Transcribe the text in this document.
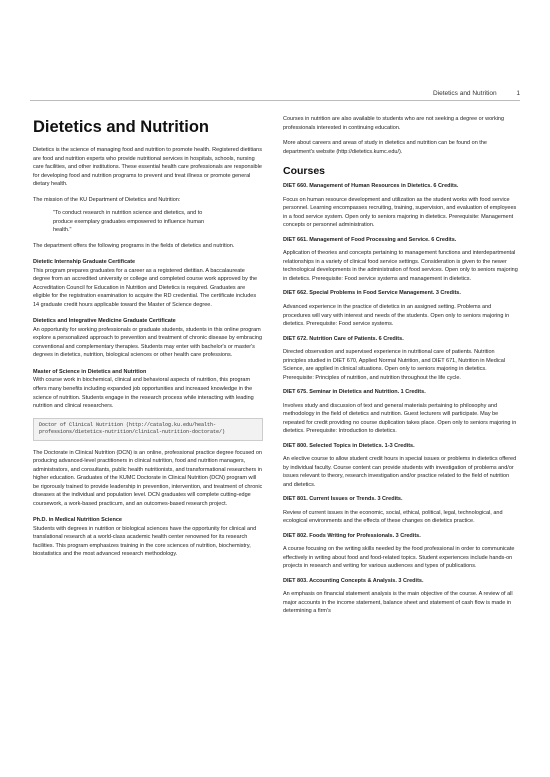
Dietetics and Nutrition	1
Dietetics and Nutrition

Dietetics is the science of managing food and nutrition to promote health. Registered dietitians are food and nutrition experts who provide nutritional services in hospitals, schools, nursing care facilities, and other institutions. These essential health care professionals are responsible for developing food and nutrition programs to prevent and treat illness or promote general dietary health.

The mission of the KU Department of Dietetics and Nutrition:

"To conduct research in nutrition science and dietetics, and to produce exemplary graduates empowered to influence human health."

The department offers the following programs in the fields of dietetics and nutrition.

Dietetic Internship Graduate Certificate

This program prepares graduates for a career as a registered dietitian. A baccalaureate degree from an accredited university or college and completed course work approved by the Accreditation Council for Education in Nutrition and Dietetics is required. Graduates are eligible for the registration examination to acquire the RD credential. The certificate includes 14 graduate credit hours applicable toward the Master of Science degree.

Dietetics and Integrative Medicine Graduate Certificate

An opportunity for working professionals or graduate students, students in this online program explore a personalized approach to prevention and treatment of chronic disease by embracing conventional and complementary therapies. Students may enter with bachelor's or master's degrees in dietetics, nutrition, biological sciences or other health care professions.

Master of Science in Dietetics and Nutrition

With course work in biochemical, clinical and behavioral aspects of nutrition, this program offers many benefits including expanded job opportunities and increased knowledge in the science of nutrition. Students engage in the research process while interacting with leading nutrition and clinical researchers.

Doctor of Clinical Nutrition (http://catalog.ku.edu/health-professions/dietetics-nutrition/clinical-nutrition-doctorate/)

The Doctorate in Clinical Nutrition (DCN) is an online, professional practice degree focused on producing advanced-level practitioners in clinical nutrition, food and nutrition managers, administrators, and consultants, public health nutritionists, and transformational researchers in higher education. Graduates of the KUMC Doctorate in Clinical Nutrition (DCN) program will be rigorously trained to provide leadership in prevention, intervention, and treatment of chronic diseases at the individual and population level. DCN graduates will complete cutting-edge coursework, a work-based practicum, and an outcomes-based research project.

Ph.D. in Medical Nutrition Science

Students with degrees in nutrition or biological sciences have the opportunity for clinical and translational research at a world-class academic health center renowned for its research facilities. This program emphasizes training in the core sciences of nutrition, biochemistry, biostatistics and the most advanced research methodology.

Courses in nutrition are also available to students who are not seeking a degree or working professionals interested in continuing education.

More about careers and areas of study in dietetics and nutrition can be found on the department's website (http://dietetics.kumc.edu/).

Courses
DIET 660. Management of Human Resources in Dietetics. 6 Credits.
Focus on human resource development and utilization as the student works with food service personnel. Learning encompasses recruiting, training, supervision, and evaluation of employees in a food service system. Open only to seniors majoring in dietetics. Prerequisite: Management concepts or personnel administration.
DIET 661. Management of Food Processing and Service. 6 Credits.
Application of theories and concepts pertaining to management functions and interdepartmental relationships in a variety of clinical food service settings. Consideration is given to the newer technological developments in the administration of food services. Open only to seniors majoring in dietetics. Prerequisite: Food service systems and management in dietetics.
DIET 662. Special Problems in Food Service Management. 3 Credits.
Advanced experience in the practice of dietetics in an assigned setting. Problems and procedures will vary with interest and needs of the students. Open only to seniors majoring in dietetics. Prerequisite: Food service systems.
DIET 672. Nutrition Care of Patients. 6 Credits.
Directed observation and supervised experience in nutritional care of patients. Nutrition principles studied in DIET 670, Applied Normal Nutrition, and DIET 671, Nutrition in Medical Science, are applied in clinical situations. Open only to seniors majoring in dietetics. Prerequisite: Principles of nutrition, and nutrition throughout the life cycle.
DIET 675. Seminar in Dietetics and Nutrition. 1 Credits.
Involves study and discussion of text and general materials pertaining to philosophy and methodology in the field of dietetics and nutrition. Guest lecturers will participate. May be repeated for credit providing no course duplication takes place. Open only to seniors majoring in dietetics. Prerequisite: Introduction to dietetics.
DIET 800. Selected Topics in Dietetics. 1-3 Credits.
An elective course to allow student credit hours in special issues or problems in dietetics offered by individual faculty. Course content can provide students with investigation of problems and/or issues relevant to theory, research investigation and/or practice related to the field of nutrition and dietetics.
DIET 801. Current Issues or Trends. 3 Credits.
Review of current issues in the economic, social, ethical, political, legal, technological, and ecological environments and the effects of these changes on dietetics practice.
DIET 802. Foods Writing for Professionals. 3 Credits.
A course focusing on the writing skills needed by the food professional in order to communicate effectively in writing about food and food-related topics. Student experiences include hands-on projects in research and writing for various audiences and types of publications.
DIET 803. Accounting Concepts & Analysis. 3 Credits.
An emphasis on financial statement analysis is the main objective of the course. A review of all major accounts in the income statement, balance sheet and statement of cash flow is made in determining a firm's
